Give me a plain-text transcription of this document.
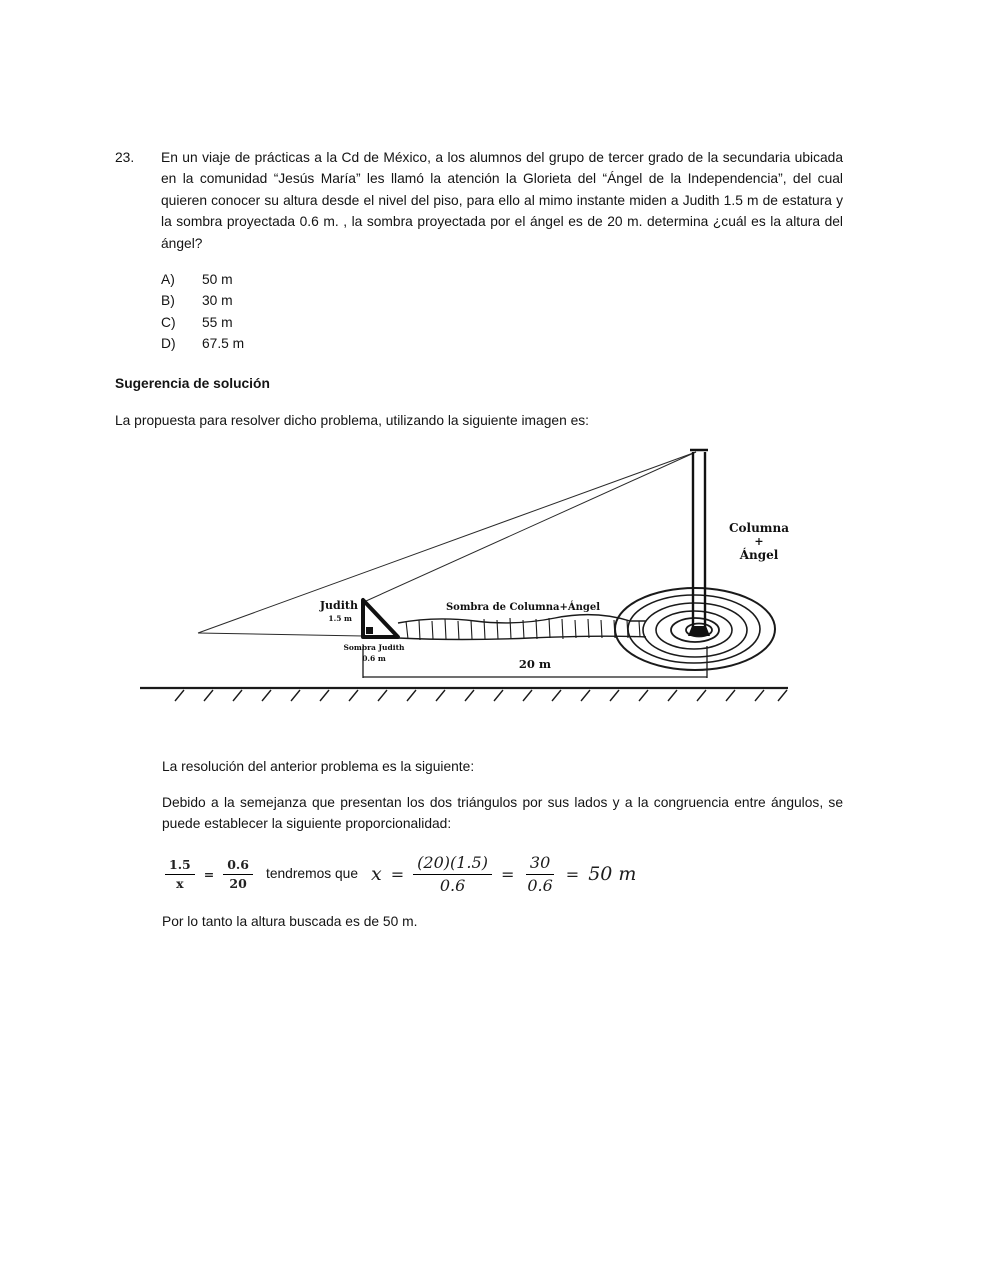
23.	En un viaje de prácticas a la Cd de México, a los alumnos del grupo de tercer grado de la secundaria ubicada en la comunidad “Jesús María” les llamó la atención la Glorieta del “Ángel de la Independencia”, del cual quieren conocer su altura desde el nivel del piso, para ello al mimo instante miden a Judith 1.5 m de estatura y la sombra proyectada 0.6 m. , la sombra proyectada por el ángel es de 20 m. determina ¿cuál es la altura del ángel?
A)	50 m
B)	30 m
C)	55 m
D)	67.5 m
Sugerencia de solución
La propuesta para resolver dicho problema, utilizando la siguiente imagen es:
Columna
+
Ángel
Judith
1.5 m
Sombra de Columna+Ángel
Sombra Judith
0.6 m	20 m
La resolución del anterior problema es la siguiente:
Debido a la semejanza que presentan los dos triángulos por sus lados y a la congruencia entre ángulos, se puede establecer la siguiente proporcionalidad:
$\frac{1.5}{x} = \frac{0.6}{20}$ tendremos que $x = \frac{(20)(1.5)}{0.6} = \frac{30}{0.6} = 50$ m
Por lo tanto la altura buscada es de 50 m.
